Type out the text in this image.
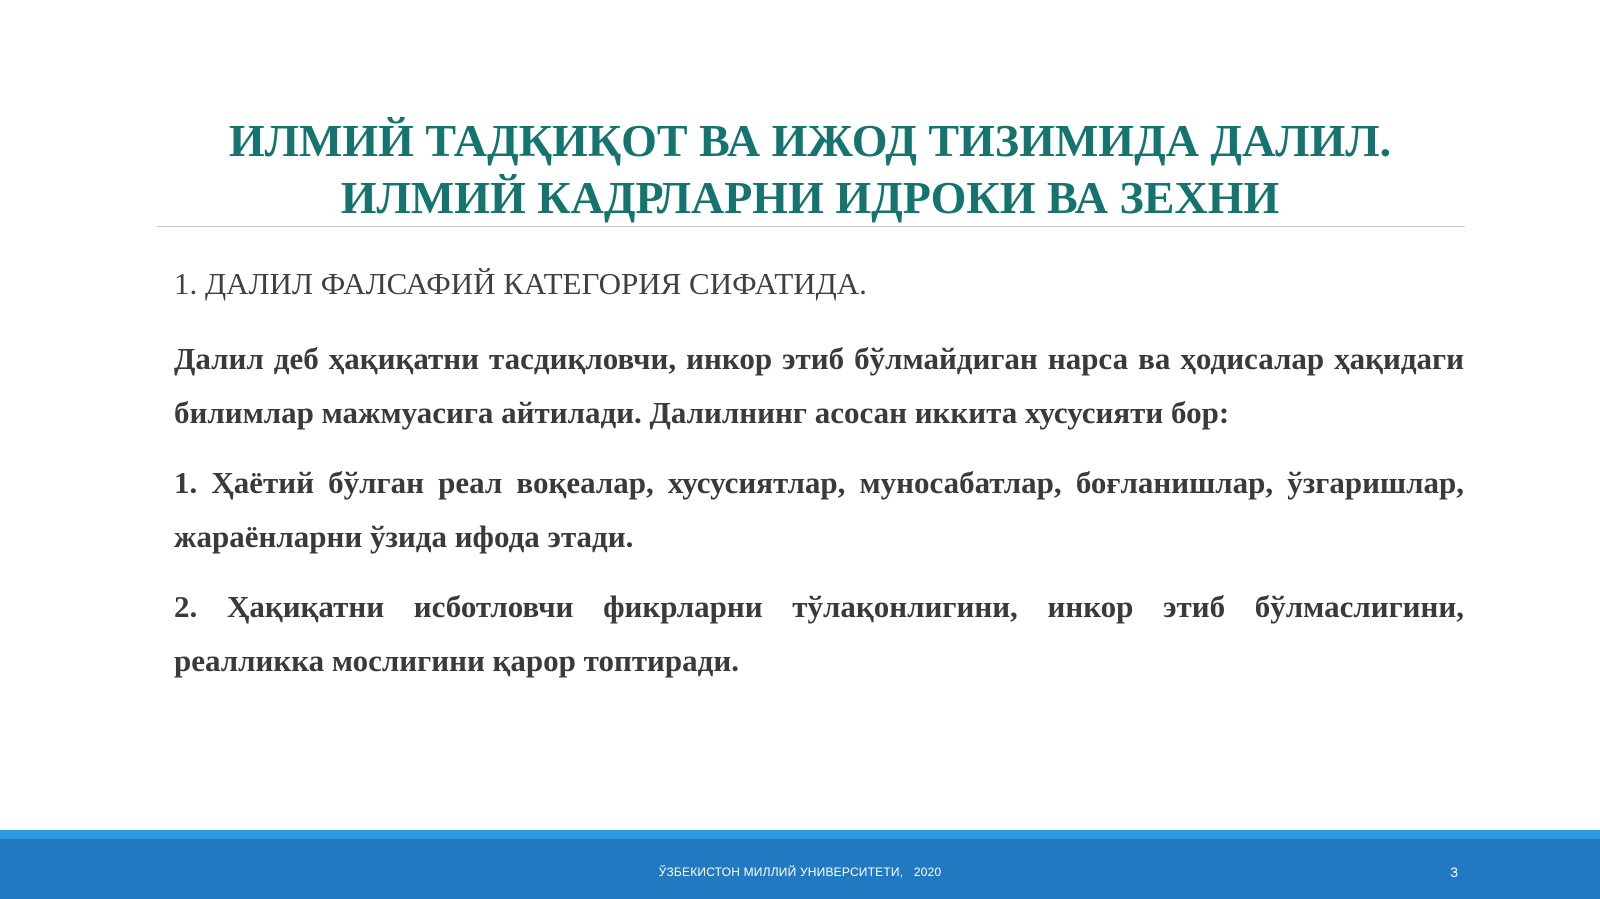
ИЛМИЙ ТАДҚИҚОТ ВА ИЖОД ТИЗИМИДА ДАЛИЛ.
ИЛМИЙ КАДРЛАРНИ ИДРОКИ ВА ЗЕХНИ

1. ДАЛИЛ ФАЛСАФИЙ КАТЕГОРИЯ СИФАТИДА.

Далил деб ҳақиқатни тасдиқловчи, инкор этиб бўлмайдиган нарса ва ҳодисалар ҳақидаги билимлар мажмуасига айтилади. Далилнинг асосан иккита хусусияти бор:

1. Ҳаётий бўлган реал воқеалар, хусусиятлар, муносабатлар, боғланишлар, ўзгаришлар, жараёнларни ўзида ифода этади.

2. Ҳақиқатни исботловчи фикрларни тўлақонлигини, инкор этиб бўлмаслигини, реалликка мослигини қарор топтиради.

ЎЗБЕКИСТОН МИЛЛИЙ УНИВЕРСИТЕТИ,   2020	3
